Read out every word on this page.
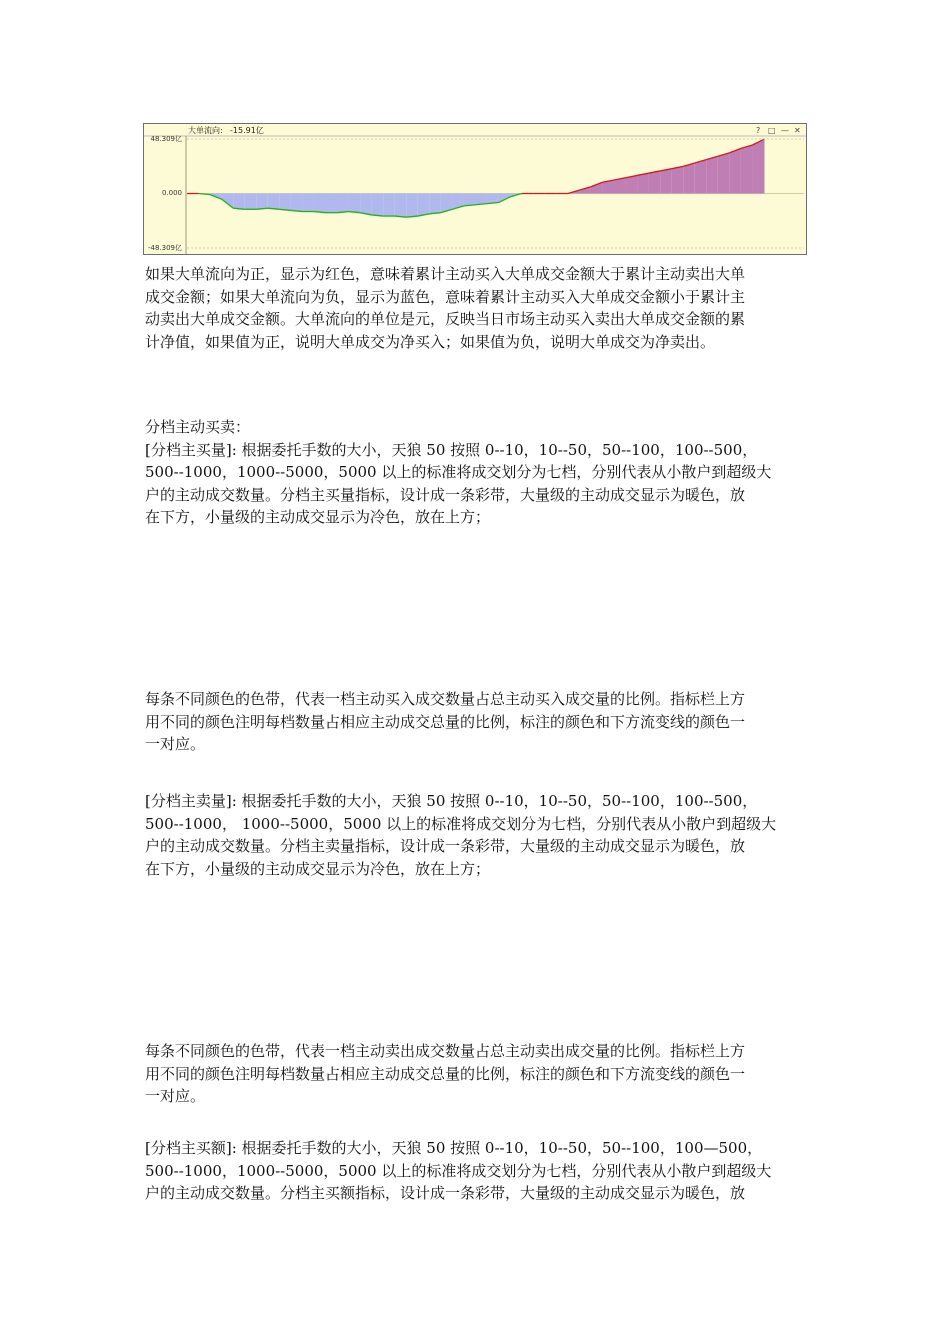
大单流向: -15.91亿	? □ — ✕
48.309亿
0.000
-48.309亿

如果大单流向为正，显示为红色，意味着累计主动买入大单成交金额大于累计主动卖出大单
成交金额；如果大单流向为负，显示为蓝色，意味着累计主动买入大单成交金额小于累计主
动卖出大单成交金额。大单流向的单位是元，反映当日市场主动买入卖出大单成交金额的累
计净值，如果值为正，说明大单成交为净买入；如果值为负，说明大单成交为净卖出。

分档主动买卖：
[分档主买量]: 根据委托手数的大小，天狼 50 按照 0--10，10--50，50--100，100--500，
500--1000，1000--5000，5000 以上的标准将成交划分为七档，分别代表从小散户到超级大
户的主动成交数量。分档主买量指标，设计成一条彩带，大量级的主动成交显示为暖色，放
在下方，小量级的主动成交显示为冷色，放在上方；

每条不同颜色的色带，代表一档主动买入成交数量占总主动买入成交量的比例。指标栏上方
用不同的颜色注明每档数量占相应主动成交总量的比例，标注的颜色和下方流变线的颜色一
一对应。

[分档主卖量]: 根据委托手数的大小，天狼 50 按照 0--10，10--50，50--100，100--500，
500--1000， 1000--5000，5000 以上的标准将成交划分为七档，分别代表从小散户到超级大
户的主动成交数量。分档主卖量指标，设计成一条彩带，大量级的主动成交显示为暖色，放
在下方，小量级的主动成交显示为冷色，放在上方；

每条不同颜色的色带，代表一档主动卖出成交数量占总主动卖出成交量的比例。指标栏上方
用不同的颜色注明每档数量占相应主动成交总量的比例，标注的颜色和下方流变线的颜色一
一对应。

[分档主买额]: 根据委托手数的大小，天狼 50 按照 0--10，10--50，50--100，100—500，
500--1000，1000--5000，5000 以上的标准将成交划分为七档，分别代表从小散户到超级大
户的主动成交数量。分档主买额指标，设计成一条彩带，大量级的主动成交显示为暖色，放
